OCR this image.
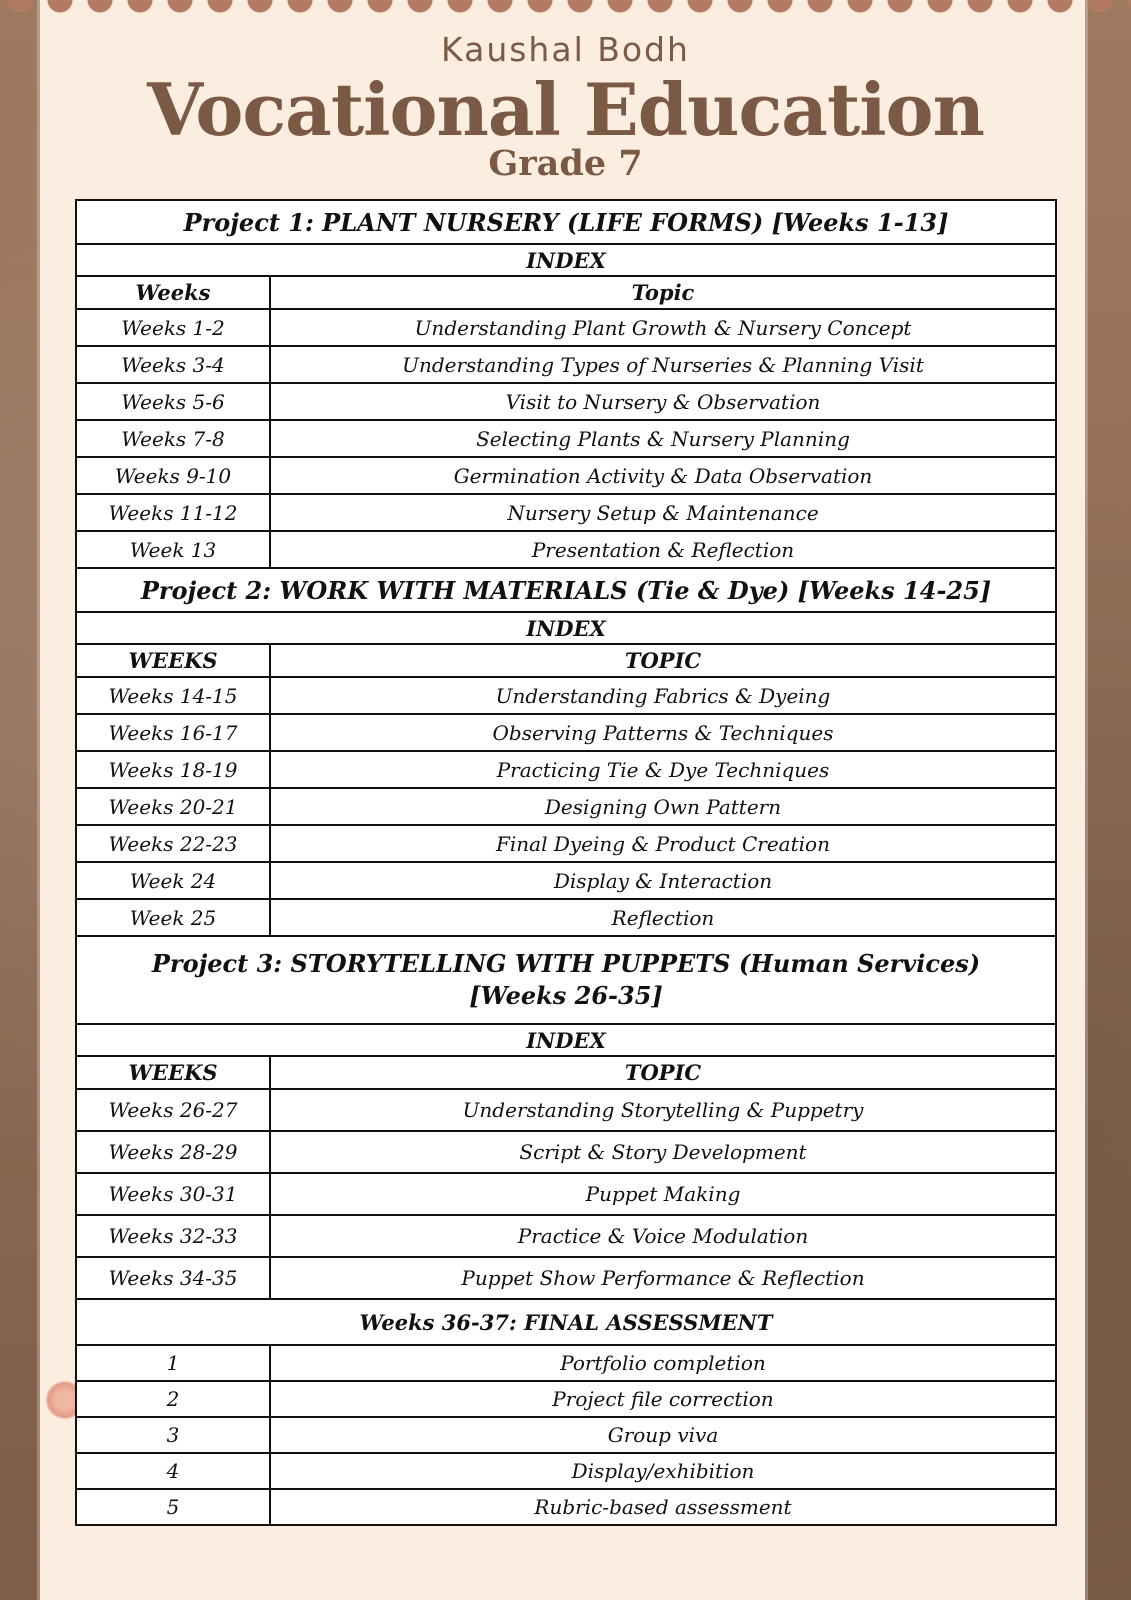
Kaushal Bodh
Vocational Education
Grade 7
Project 1: PLANT NURSERY (LIFE FORMS) [Weeks 1-13]	
INDEX	
Weeks	Topic
Weeks 1-2	Understanding Plant Growth & Nursery Concept
Weeks 3-4	Understanding Types of Nurseries & Planning Visit
Weeks 5-6	Visit to Nursery & Observation
Weeks 7-8	Selecting Plants & Nursery Planning
Weeks 9-10	Germination Activity & Data Observation
Weeks 11-12	Nursery Setup & Maintenance
Week 13	Presentation & Reflection
Project 2: WORK WITH MATERIALS (Tie & Dye) [Weeks 14-25]	
INDEX	
WEEKS	TOPIC
Weeks 14-15	Understanding Fabrics & Dyeing
Weeks 16-17	Observing Patterns & Techniques
Weeks 18-19	Practicing Tie & Dye Techniques
Weeks 20-21	Designing Own Pattern
Weeks 22-23	Final Dyeing & Product Creation
Week 24	Display & Interaction
Week 25	Reflection

Project 3: STORYTELLING WITH PUPPETS (Human Services)
[Weeks 26-35]	

INDEX	
WEEKS	TOPIC
Weeks 26-27	Understanding Storytelling & Puppetry
Weeks 28-29	Script & Story Development
Weeks 30-31	Puppet Making
Weeks 32-33	Practice & Voice Modulation
Weeks 34-35	Puppet Show Performance & Reflection
Weeks 36-37: FINAL ASSESSMENT	
1	Portfolio completion
2	Project file correction
3	Group viva
4	Display/exhibition
5	Rubric-based assessment
